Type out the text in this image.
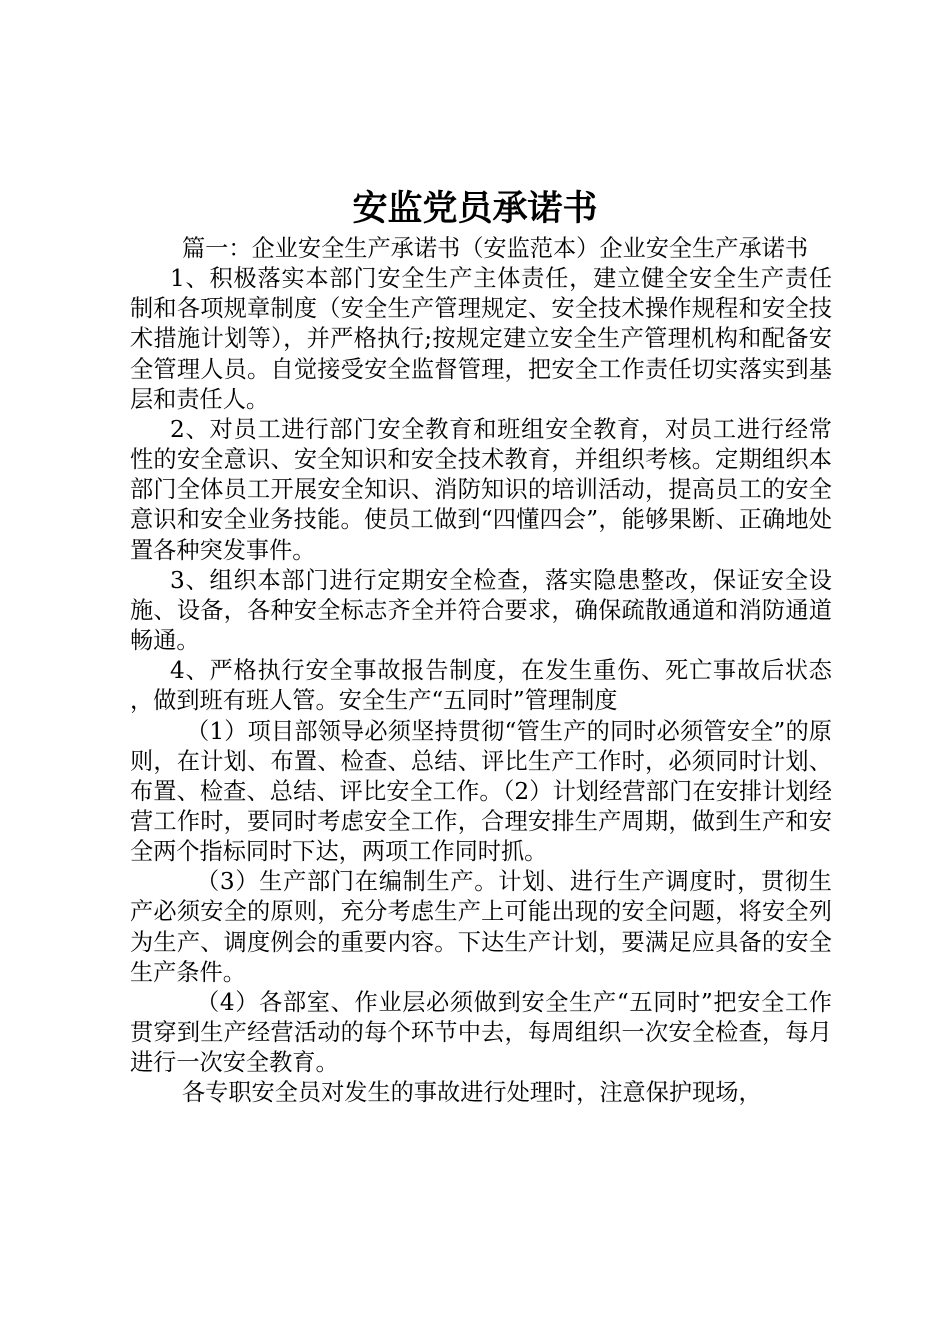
安监党员承诺书

篇一：企业安全生产承诺书（安监范本）企业安全生产承诺书

1、积极落实本部门安全生产主体责任，建立健全安全生产责任制和各项规章制度（安全生产管理规定、安全技术操作规程和安全技术措施计划等），并严格执行;按规定建立安全生产管理机构和配备安全管理人员。自觉接受安全监督管理，把安全工作责任切实落实到基层和责任人。

2、对员工进行部门安全教育和班组安全教育，对员工进行经常性的安全意识、安全知识和安全技术教育，并组织考核。定期组织本部门全体员工开展安全知识、消防知识的培训活动，提高员工的安全意识和安全业务技能。使员工做到“四懂四会”，能够果断、正确地处置各种突发事件。

3、组织本部门进行定期安全检查，落实隐患整改，保证安全设施、设备，各种安全标志齐全并符合要求，确保疏散通道和消防通道畅通。

4、严格执行安全事故报告制度，在发生重伤、死亡事故后状态，做到班有班人管。安全生产“五同时”管理制度

（1）项目部领导必须坚持贯彻“管生产的同时必须管安全”的原则，在计划、布置、检查、总结、评比生产工作时，必须同时计划、布置、检查、总结、评比安全工作。（2）计划经营部门在安排计划经营工作时，要同时考虑安全工作，合理安排生产周期，做到生产和安全两个指标同时下达，两项工作同时抓。

（3）生产部门在编制生产。计划、进行生产调度时，贯彻生产必须安全的原则，充分考虑生产上可能出现的安全问题，将安全列为生产、调度例会的重要内容。下达生产计划，要满足应具备的安全生产条件。

（4）各部室、作业层必须做到安全生产“五同时”把安全工作贯穿到生产经营活动的每个环节中去，每周组织一次安全检查，每月进行一次安全教育。

各专职安全员对发生的事故进行处理时，注意保护现场，
